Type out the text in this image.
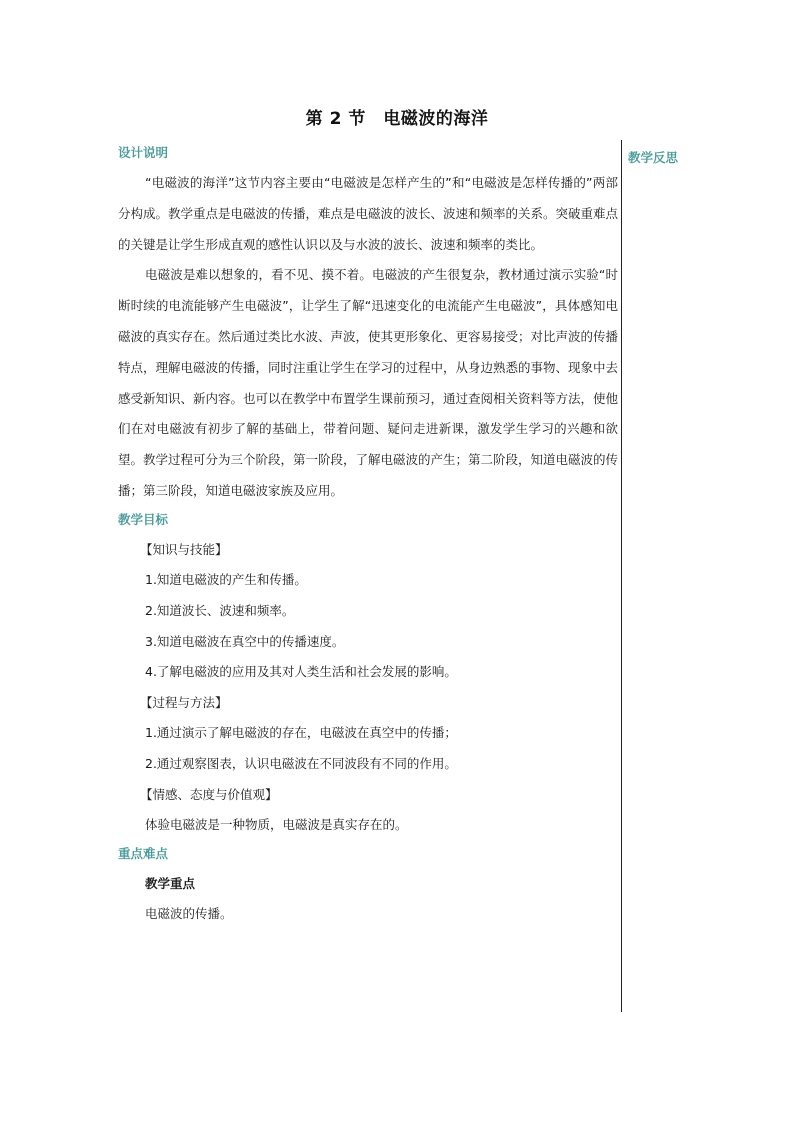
第 2 节　电磁波的海洋

教学反思

设计说明

“电磁波的海洋”这节内容主要由“电磁波是怎样产生的”和“电磁波是怎样传播的”两部分构成。教学重点是电磁波的传播，难点是电磁波的波长、波速和频率的关系。突破重难点的关键是让学生形成直观的感性认识以及与水波的波长、波速和频率的类比。

电磁波是难以想象的，看不见、摸不着。电磁波的产生很复杂，教材通过演示实验“时断时续的电流能够产生电磁波”，让学生了解“迅速变化的电流能产生电磁波”，具体感知电磁波的真实存在。然后通过类比水波、声波，使其更形象化、更容易接受；对比声波的传播特点，理解电磁波的传播，同时注重让学生在学习的过程中，从身边熟悉的事物、现象中去感受新知识、新内容。也可以在教学中布置学生课前预习，通过查阅相关资料等方法，使他们在对电磁波有初步了解的基础上，带着问题、疑问走进新课，激发学生学习的兴趣和欲望。教学过程可分为三个阶段，第一阶段，了解电磁波的产生；第二阶段，知道电磁波的传播；第三阶段，知道电磁波家族及应用。

教学目标

【知识与技能】

1.知道电磁波的产生和传播。

2.知道波长、波速和频率。

3.知道电磁波在真空中的传播速度。

4.了解电磁波的应用及其对人类生活和社会发展的影响。

【过程与方法】

1.通过演示了解电磁波的存在，电磁波在真空中的传播；

2.通过观察图表，认识电磁波在不同波段有不同的作用。

【情感、态度与价值观】

体验电磁波是一种物质，电磁波是真实存在的。

重点难点

教学重点

电磁波的传播。
